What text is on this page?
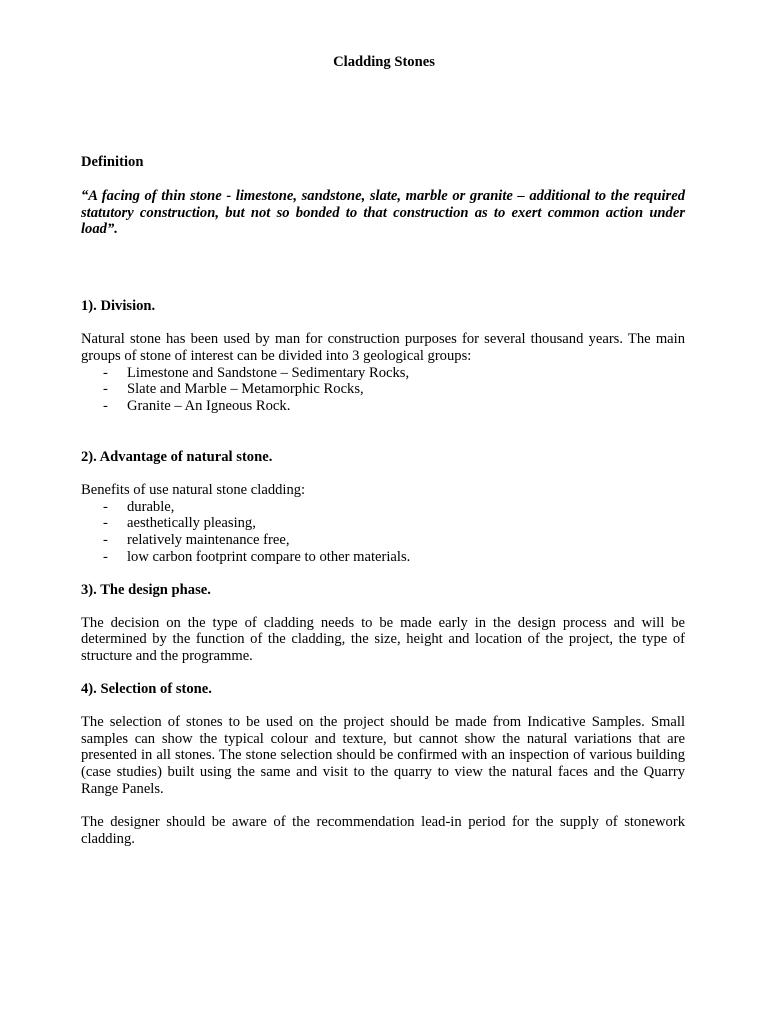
Cladding Stones
Definition

“A facing of thin stone - limestone, sandstone, slate, marble or granite – additional to the required statutory construction, but not so bonded to that construction as to exert common action under load”.

1). Division.

Natural stone has been used by man for construction purposes for several thousand years. The main groups of stone of interest can be divided into 3 geological groups:

- Limestone and Sandstone – Sedimentary Rocks,
- Slate and Marble – Metamorphic Rocks,
- Granite – An Igneous Rock.
2). Advantage of natural stone.

Benefits of use natural stone cladding:

- durable,
- aesthetically pleasing,
- relatively maintenance free,
- low carbon footprint compare to other materials.
3). The design phase.

The decision on the type of cladding needs to be made early in the design process and will be determined by the function of the cladding, the size, height and location of the project, the type of structure and the programme.

4). Selection of stone.

The selection of stones to be used on the project should be made from Indicative Samples. Small samples can show the typical colour and texture, but cannot show the natural variations that are presented in all stones. The stone selection should be confirmed with an inspection of various building (case studies) built using the same and visit to the quarry to view the natural faces and the Quarry Range Panels.

The designer should be aware of the recommendation lead-in period for the supply of stonework cladding.
